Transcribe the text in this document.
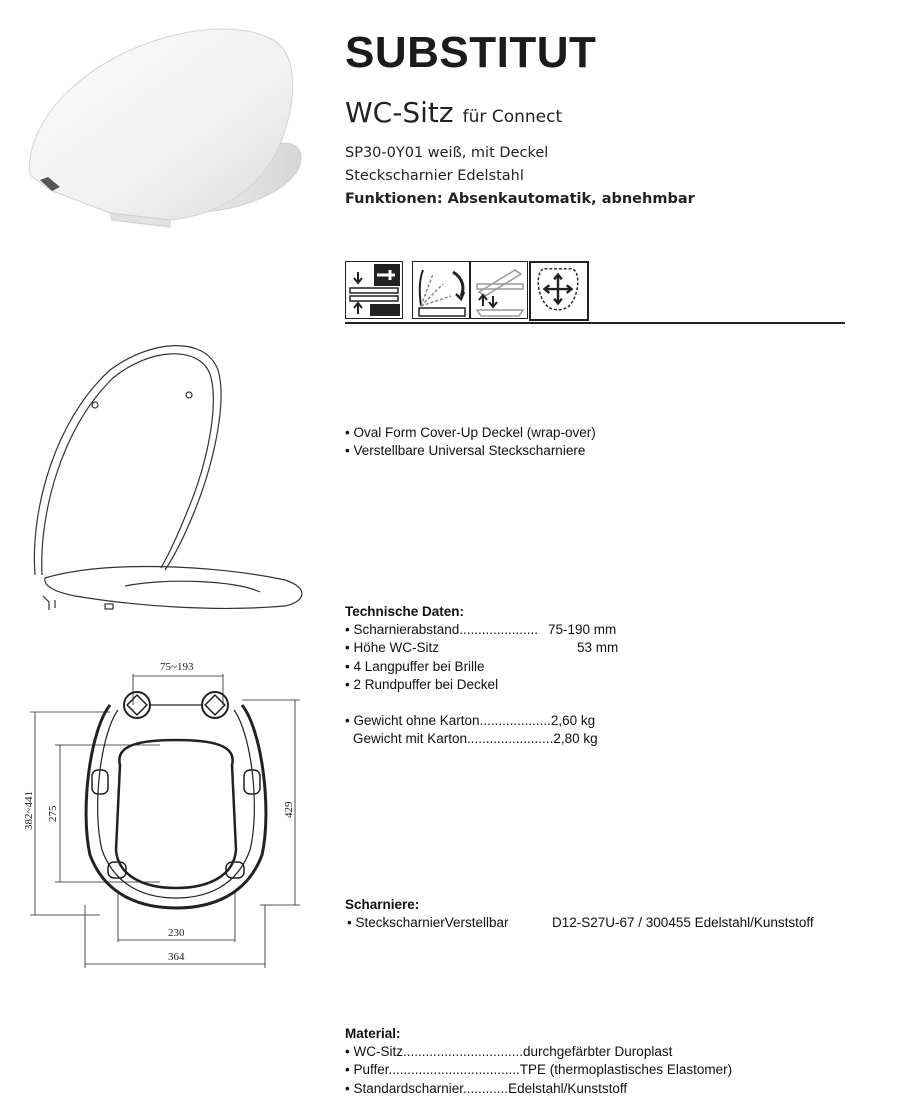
SUBSTITUT
WC-Sitz für Connect
SP30-0Y01 weiß, mit Deckel
Steckscharnier Edelstahl
Funktionen: Absenkautomatik, abnehmbar
75~193
382~441 275	429
230
364
• Oval Form Cover-Up Deckel (wrap-over)
• Verstellbare Universal Steckscharniere
Technische Daten:
• Scharnierabstand..................... 75-190 mm
• Höhe WC-Sitz	53 mm
• 4 Langpuffer bei Brille
• 2 Rundpuffer bei Deckel
• Gewicht ohne Karton...................2,60 kg
Gewicht mit Karton.......................2,80 kg
Scharniere:
• SteckscharnierVerstellbar	D12-S27U-67 / 300455 Edelstahl/Kunststoff
Material:
• WC-Sitz................................durchgefärbter Duroplast
• Puffer...................................TPE (thermoplastisches Elastomer)
• Standardscharnier............Edelstahl/Kunststoff
